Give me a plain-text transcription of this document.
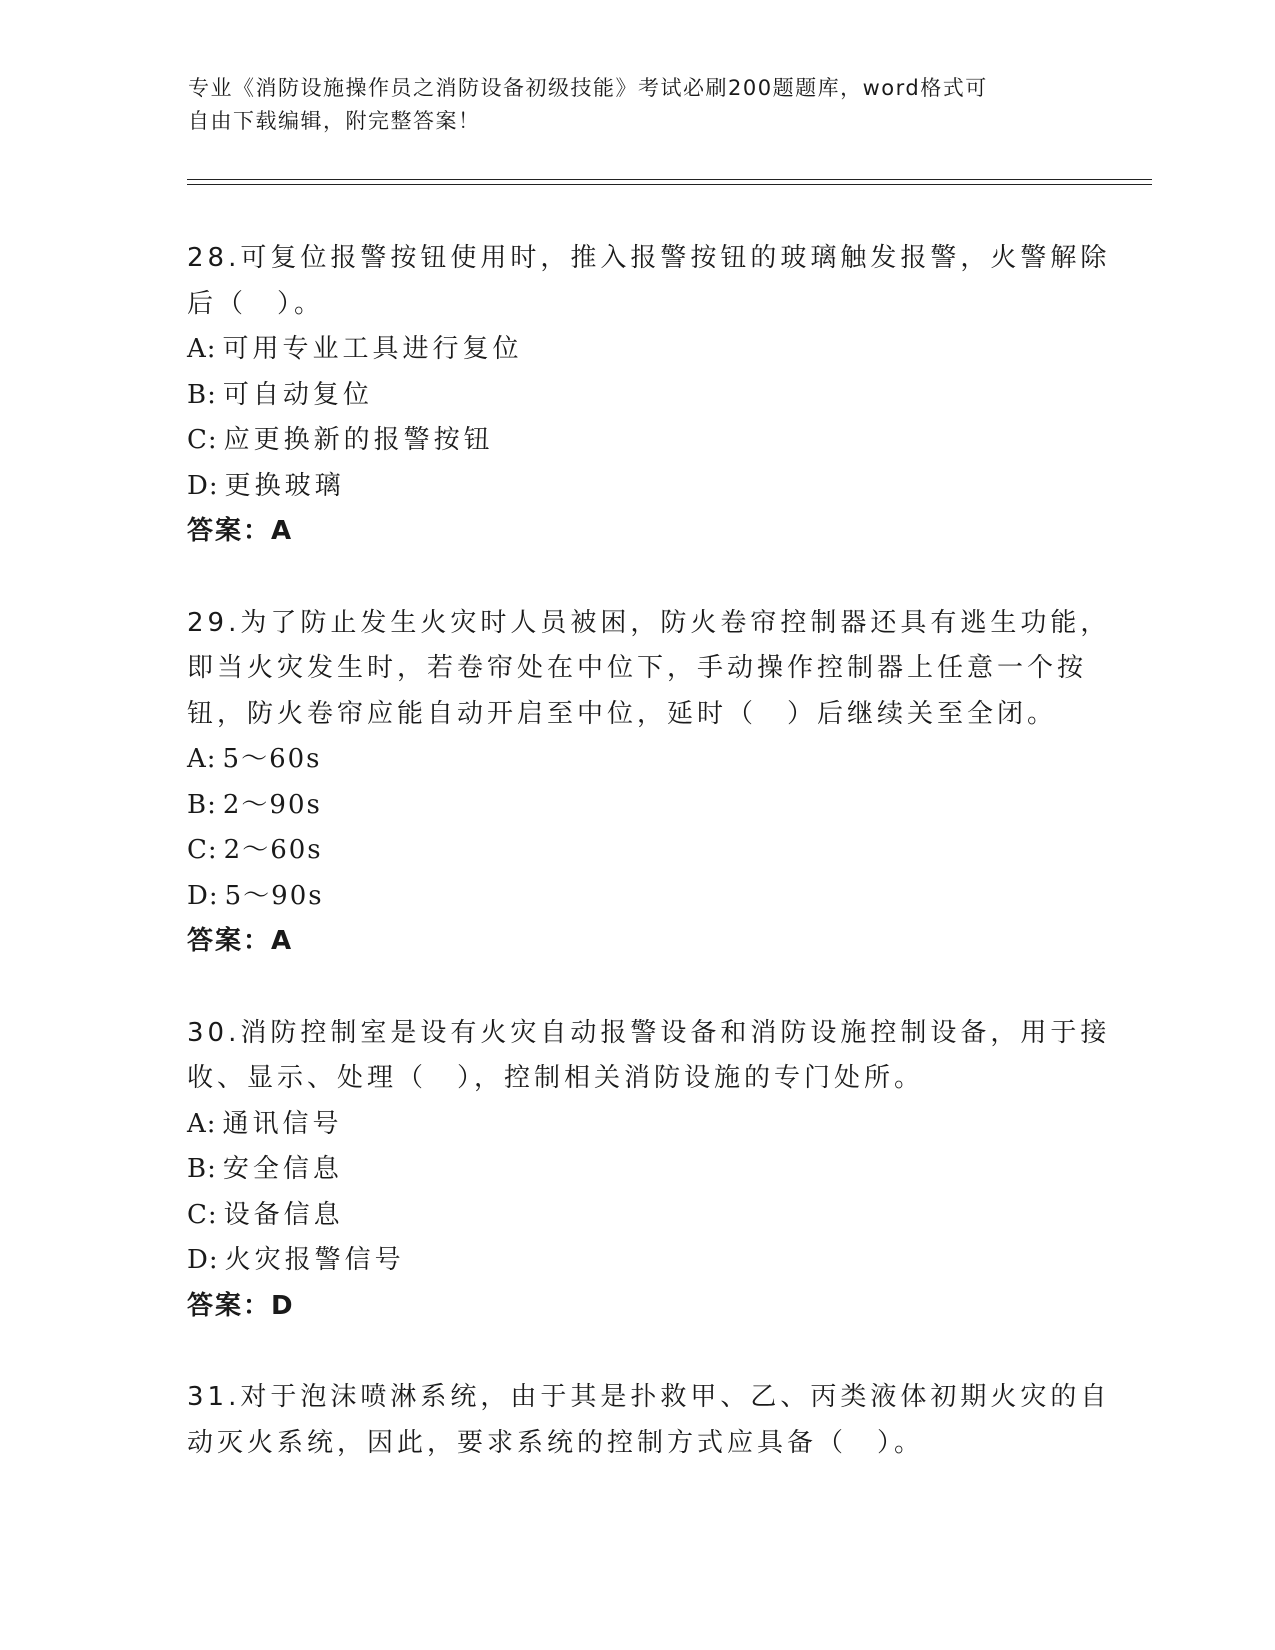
专业《消防设施操作员之消防设备初级技能》考试必刷200题题库，word格式可
自由下载编辑，附完整答案！
28.可复位报警按钮使用时，推入报警按钮的玻璃触发报警，火警解除
后（　）。
A: 可用专业工具进行复位
B: 可自动复位
C: 应更换新的报警按钮
D: 更换玻璃
答案：A
29.为了防止发生火灾时人员被困，防火卷帘控制器还具有逃生功能，
即当火灾发生时，若卷帘处在中位下，手动操作控制器上任意一个按
钮，防火卷帘应能自动开启至中位，延时（　）后继续关至全闭。
A: 5～60s
B: 2～90s
C: 2～60s
D: 5～90s
答案：A
30.消防控制室是设有火灾自动报警设备和消防设施控制设备，用于接
收、显示、处理（　），控制相关消防设施的专门处所。
A: 通讯信号
B: 安全信息
C: 设备信息
D: 火灾报警信号
答案：D
31.对于泡沫喷淋系统，由于其是扑救甲、乙、丙类液体初期火灾的自
动灭火系统，因此，要求系统的控制方式应具备（　）。
